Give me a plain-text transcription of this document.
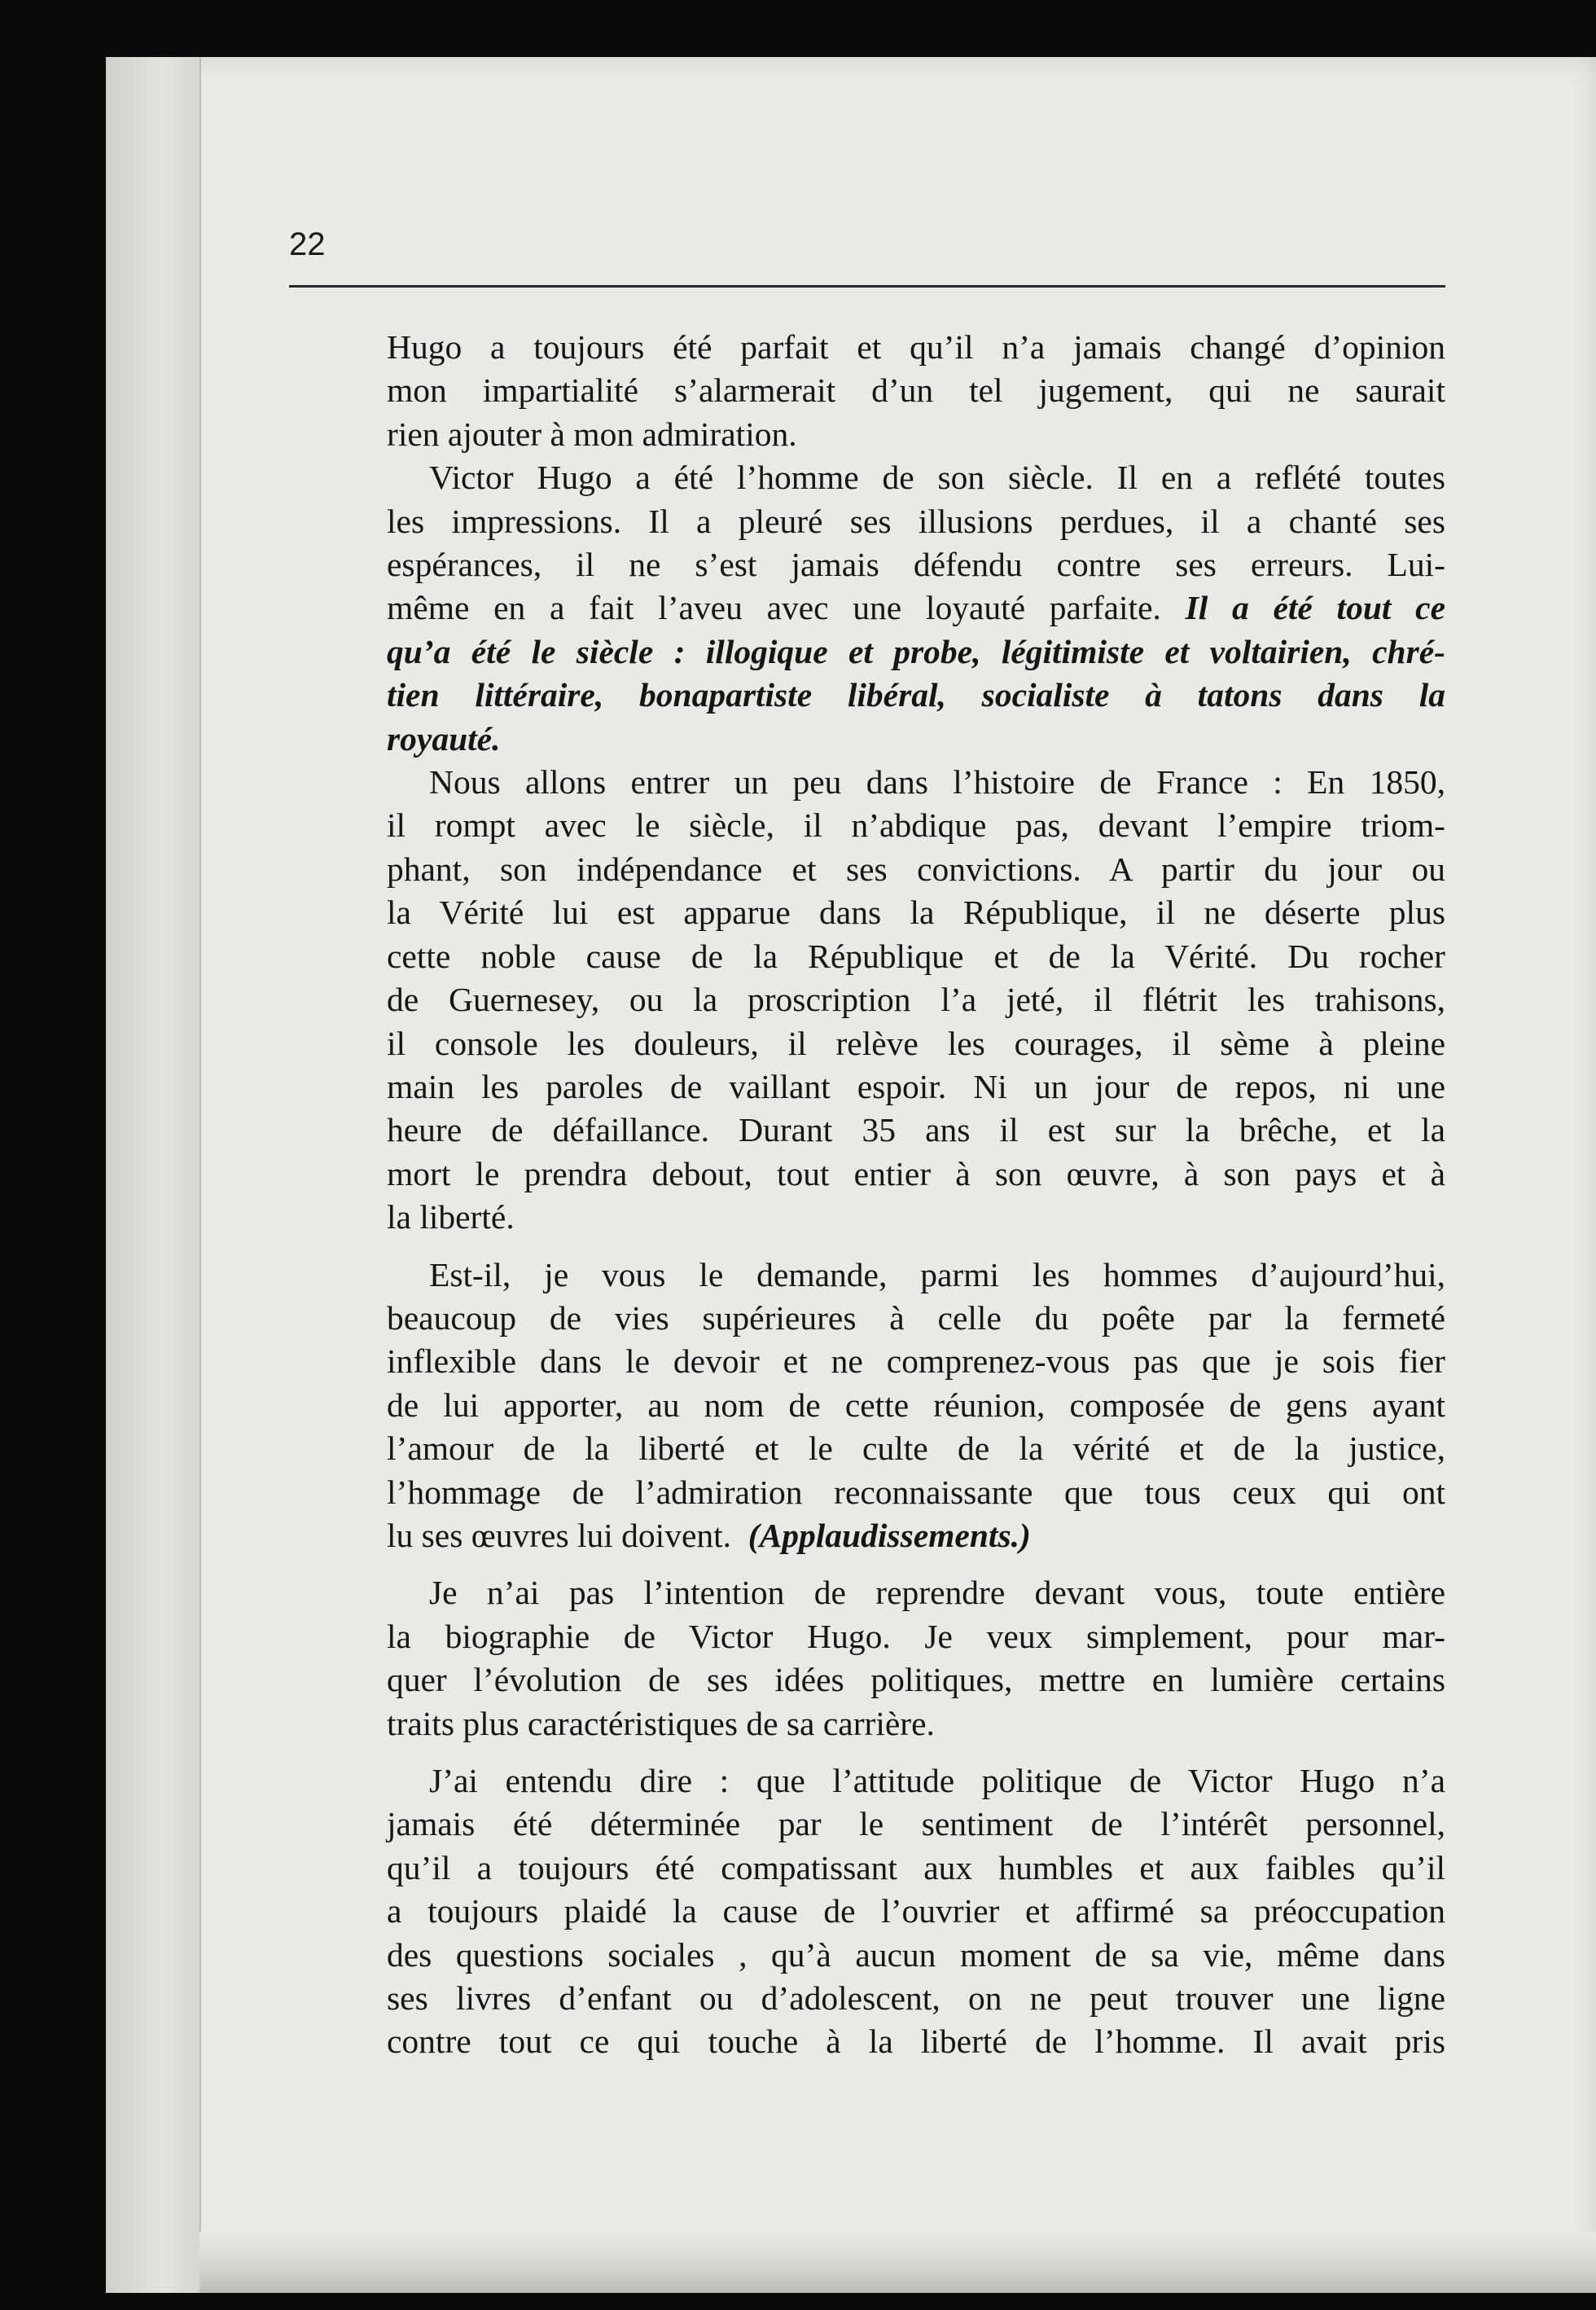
22

Hugo a toujours été parfait et qu’il n’a jamais changé d’opinion

mon impartialité s’alarmerait d’un tel jugement, qui ne saurait

rien ajouter à mon admiration.

Victor Hugo a été l’homme de son siècle. Il en a reflété toutes

les impressions. Il a pleuré ses illusions perdues, il a chanté ses

espérances, il ne s’est jamais défendu contre ses erreurs. Lui-

même en a fait l’aveu avec une loyauté parfaite. Il a été tout ce

qu’a été le siècle : illogique et probe, légitimiste et voltairien, chré-

tien littéraire, bonapartiste libéral, socialiste à tatons dans la

royauté.

Nous allons entrer un peu dans l’histoire de France : En 1850,

il rompt avec le siècle, il n’abdique pas, devant l’empire triom-

phant, son indépendance et ses convictions. A partir du jour ou

la Vérité lui est apparue dans la République, il ne déserte plus

cette noble cause de la République et de la Vérité. Du rocher

de Guernesey, ou la proscription l’a jeté, il flétrit les trahisons,

il console les douleurs, il relève les courages, il sème à pleine

main les paroles de vaillant espoir. Ni un jour de repos, ni une

heure de défaillance. Durant 35 ans il est sur la brêche, et la

mort le prendra debout, tout entier à son œuvre, à son pays et à

la liberté.

Est-il, je vous le demande, parmi les hommes d’aujourd’hui,

beaucoup de vies supérieures à celle du poête par la fermeté

inflexible dans le devoir et ne comprenez-vous pas que je sois fier

de lui apporter, au nom de cette réunion, composée de gens ayant

l’amour de la liberté et le culte de la vérité et de la justice,

l’hommage de l’admiration reconnaissante que tous ceux qui ont

lu ses œuvres lui doivent. (Applaudissements.)

Je n’ai pas l’intention de reprendre devant vous, toute entière

la biographie de Victor Hugo. Je veux simplement, pour mar-

quer l’évolution de ses idées politiques, mettre en lumière certains

traits plus caractéristiques de sa carrière.

J’ai entendu dire : que l’attitude politique de Victor Hugo n’a

jamais été déterminée par le sentiment de l’intérêt personnel,

qu’il a toujours été compatissant aux humbles et aux faibles qu’il

a toujours plaidé la cause de l’ouvrier et affirmé sa préoccupation

des questions sociales , qu’à aucun moment de sa vie, même dans

ses livres d’enfant ou d’adolescent, on ne peut trouver une ligne

contre tout ce qui touche à la liberté de l’homme. Il avait pris
